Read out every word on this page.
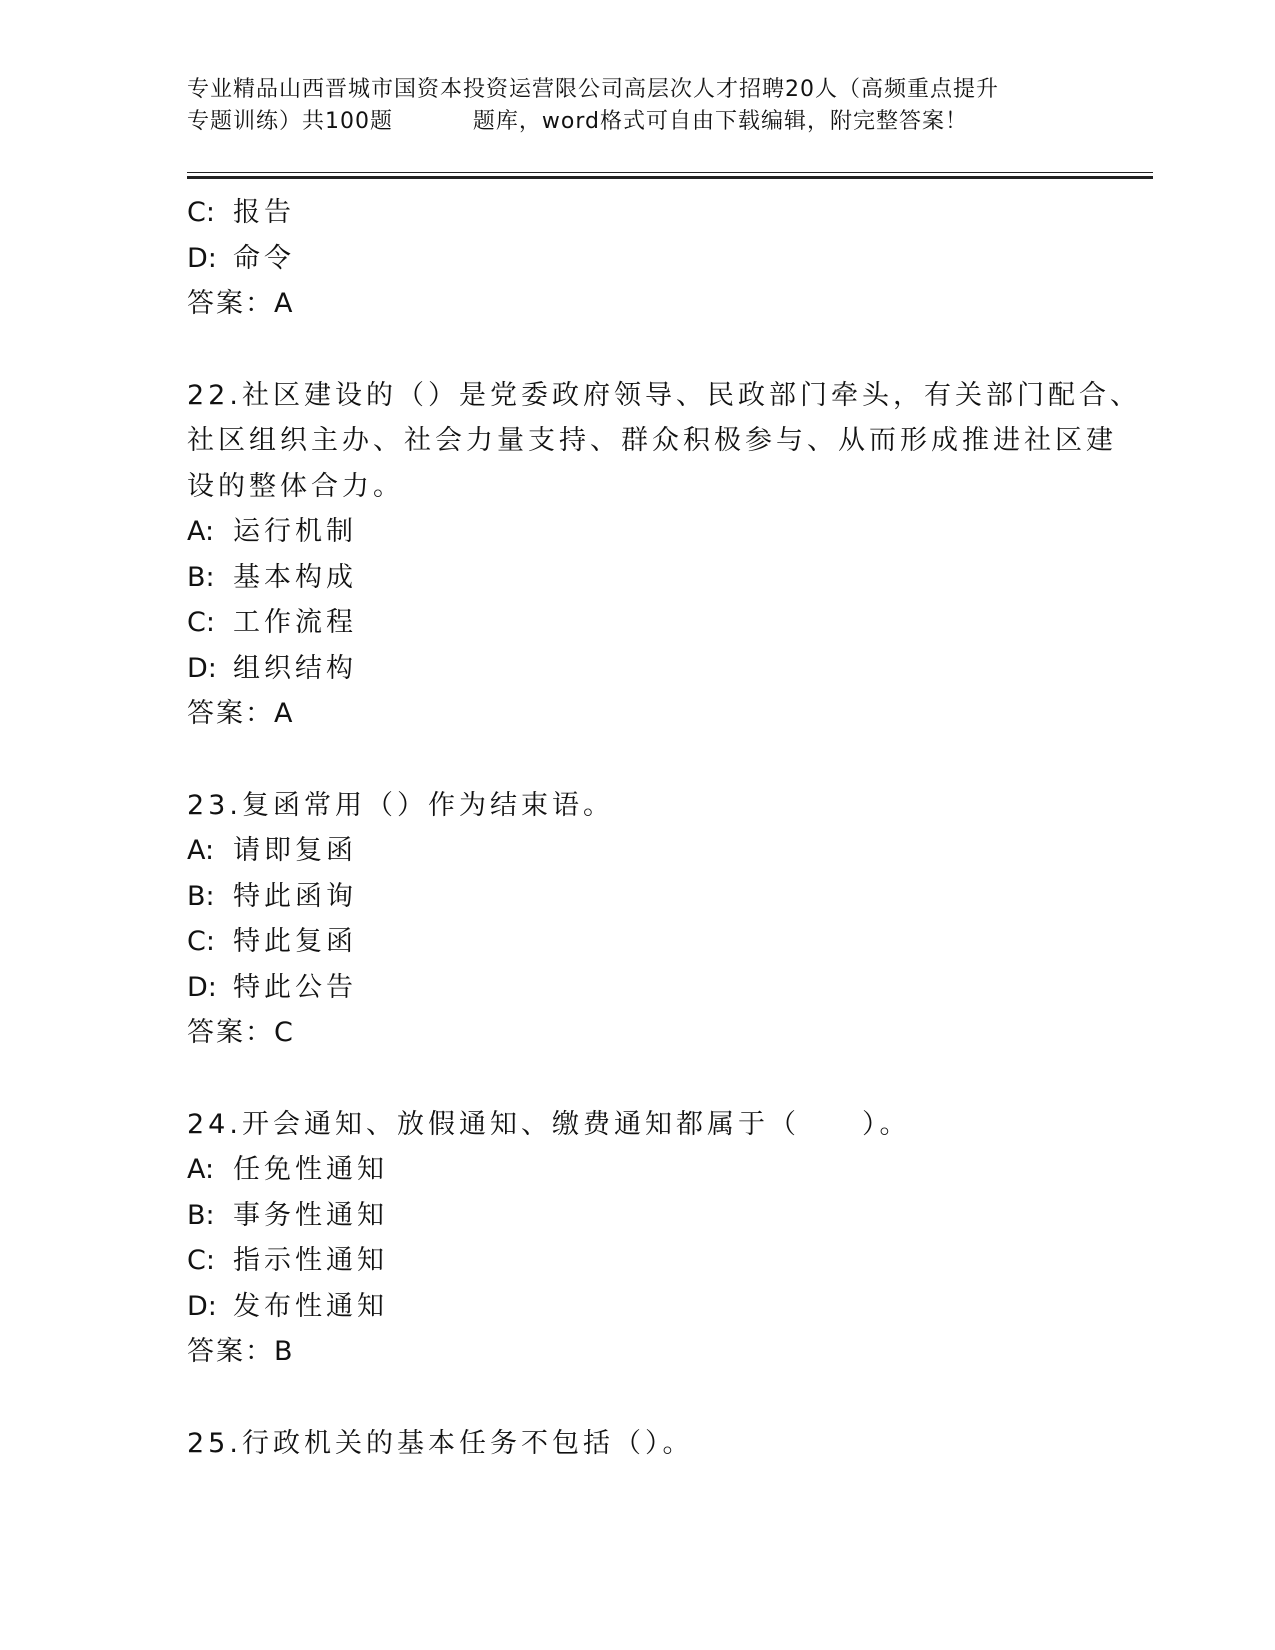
专业精品山西晋城市国资本投资运营限公司高层次人才招聘20人（高频重点提升
专题训练）共100题          题库，word格式可自由下载编辑，附完整答案！
C: 报告
D: 命令
答案：A
22.社区建设的（）是党委政府领导、民政部门牵头，有关部门配合、
社区组织主办、社会力量支持、群众积极参与、从而形成推进社区建
设的整体合力。
A: 运行机制
B: 基本构成
C: 工作流程
D: 组织结构
答案：A
23.复函常用（）作为结束语。
A: 请即复函
B: 特此函询
C: 特此复函
D: 特此公告
答案：C
24.开会通知、放假通知、缴费通知都属于（　　）。
A: 任免性通知
B: 事务性通知
C: 指示性通知
D: 发布性通知
答案：B
25.行政机关的基本任务不包括（）。
